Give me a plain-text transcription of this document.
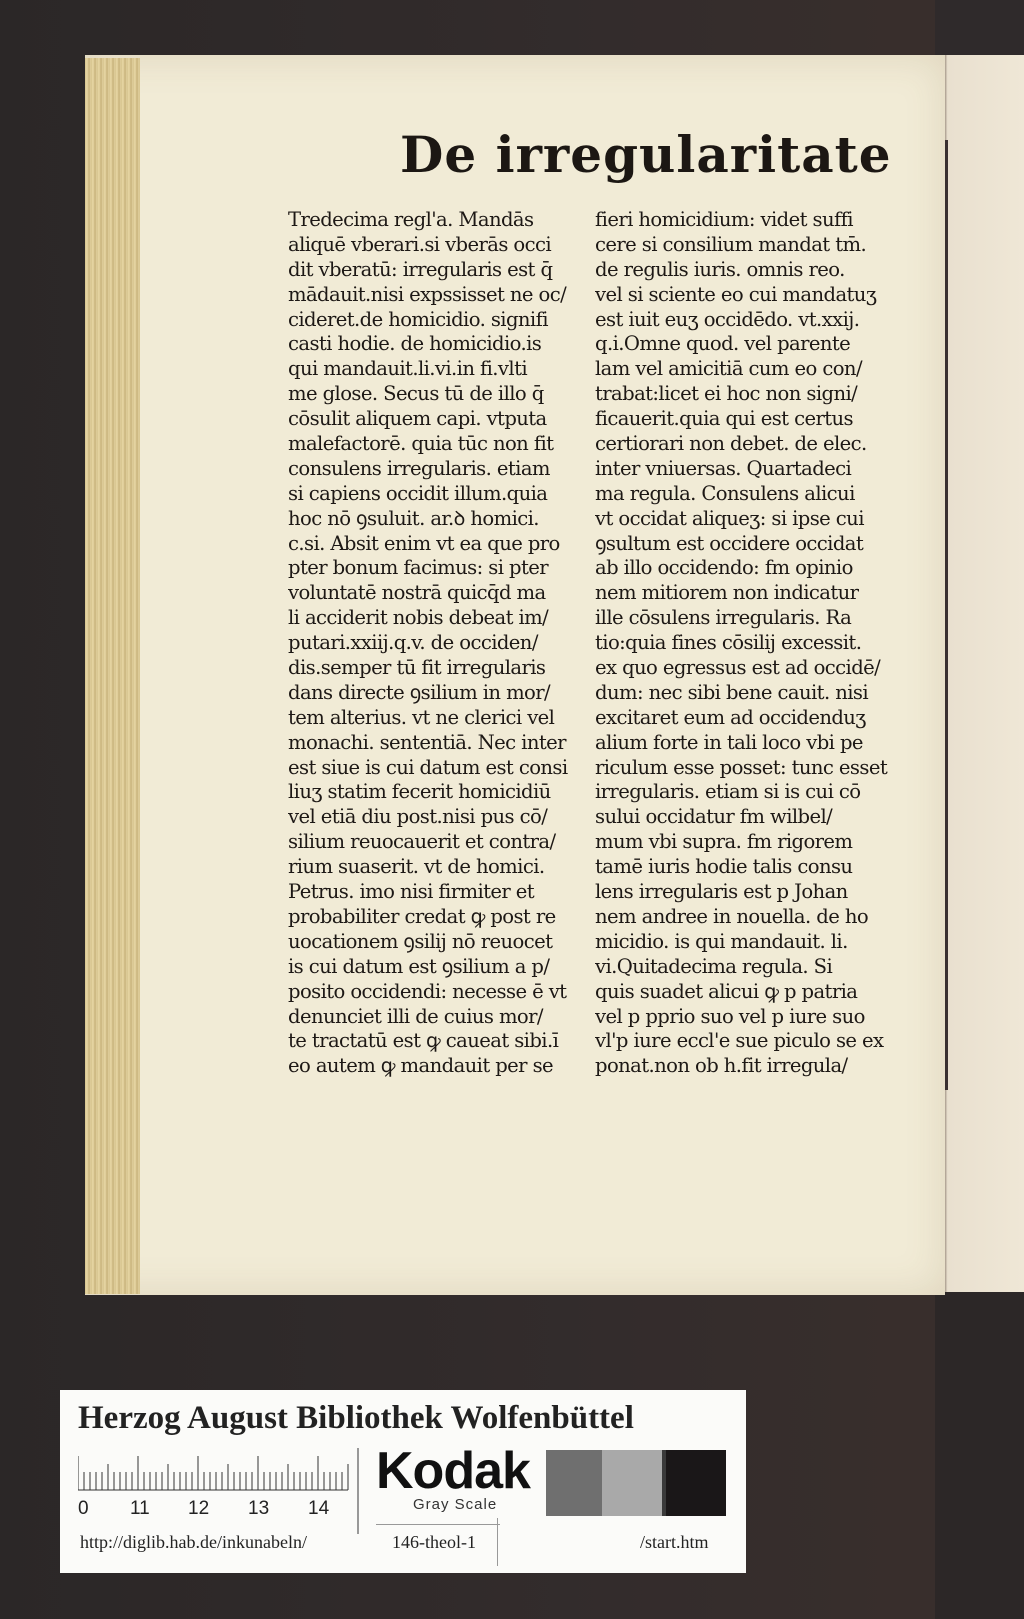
De irregularitate
Tredecima regl'a. Mandās
aliquē vberari.si vberās occi
dit vberatū: irregularis est q̄
mādauit.nisi expssisset ne oc/
cideret.de homicidio. signifi
casti hodie. de homicidio.is
qui mandauit.li.vi.in fi.vlti
me glose. Secus tū de illo q̄
cōsulit aliquem capi. vtputa
malefactorē. quia tūc non fit
consulens irregularis. etiam
si capiens occidit illum.quia
hoc nō ꝯsuluit. ar.ꝺ homici.
c.si. Absit enim vt ea que pro
pter bonum facimus: si pter
voluntatē nostrā quicq̄d ma
li acciderit nobis debeat im/
putari.xxiij.q.v. de occiden/
dis.semper tū fit irregularis
dans directe ꝯsilium in mor/
tem alterius. vt ne clerici vel
monachi. sententiā. Nec inter
est siue is cui datum est consi
liuʒ statim fecerit homicidiū
vel etiā diu post.nisi pus cō/
silium reuocauerit et contra/
rium suaserit. vt de homici.
Petrus. imo nisi firmiter et
probabiliter credat ꝙ post re
uocationem ꝯsilij nō reuocet
is cui datum est ꝯsilium a p/
posito occidendi: necesse ē vt
denunciet illi de cuius mor/
te tractatū est ꝙ caueat sibi.ī
eo autem ꝙ mandauit per se
fieri homicidium: videt suffi
cere si consilium mandat tm̄.
de regulis iuris. omnis reo.
vel si sciente eo cui mandatuʒ
est iuit euʒ occidēdo. vt.xxij.
q.i.Omne quod. vel parente
lam vel amicitiā cum eo con/
trabat:licet ei hoc non signi/
ficauerit.quia qui est certus
certiorari non debet. de elec.
inter vniuersas. Quartadeci
ma regula. Consulens alicui
vt occidat aliqueʒ: si ipse cui
ꝯsultum est occidere occidat
ab illo occidendo: fm opinio
nem mitiorem non indicatur
ille cōsulens irregularis. Ra
tio:quia fines cōsilij excessit.
ex quo egressus est ad occidē/
dum: nec sibi bene cauit. nisi
excitaret eum ad occidenduʒ
alium forte in tali loco vbi pe
riculum esse posset: tunc esset
irregularis. etiam si is cui cō
sului occidatur fm wilbel/
mum vbi supra. fm rigorem
tamē iuris hodie talis consu
lens irregularis est p Johan
nem andree in nouella. de ho
micidio. is qui mandauit. li.
vi.Quitadecima regula. Si
quis suadet alicui ꝙ p patria
vel p pprio suo vel p iure suo
vl'p iure eccl'e sue piculo se ex
ponat.non ob h̄.fit irregula/
Herzog August Bibliothek Wolfenbüttel
0 11 12 13 14
Kodak
Gray Scale
http://diglib.hab.de/inkunabeln/	146-theol-1	/start.htm
